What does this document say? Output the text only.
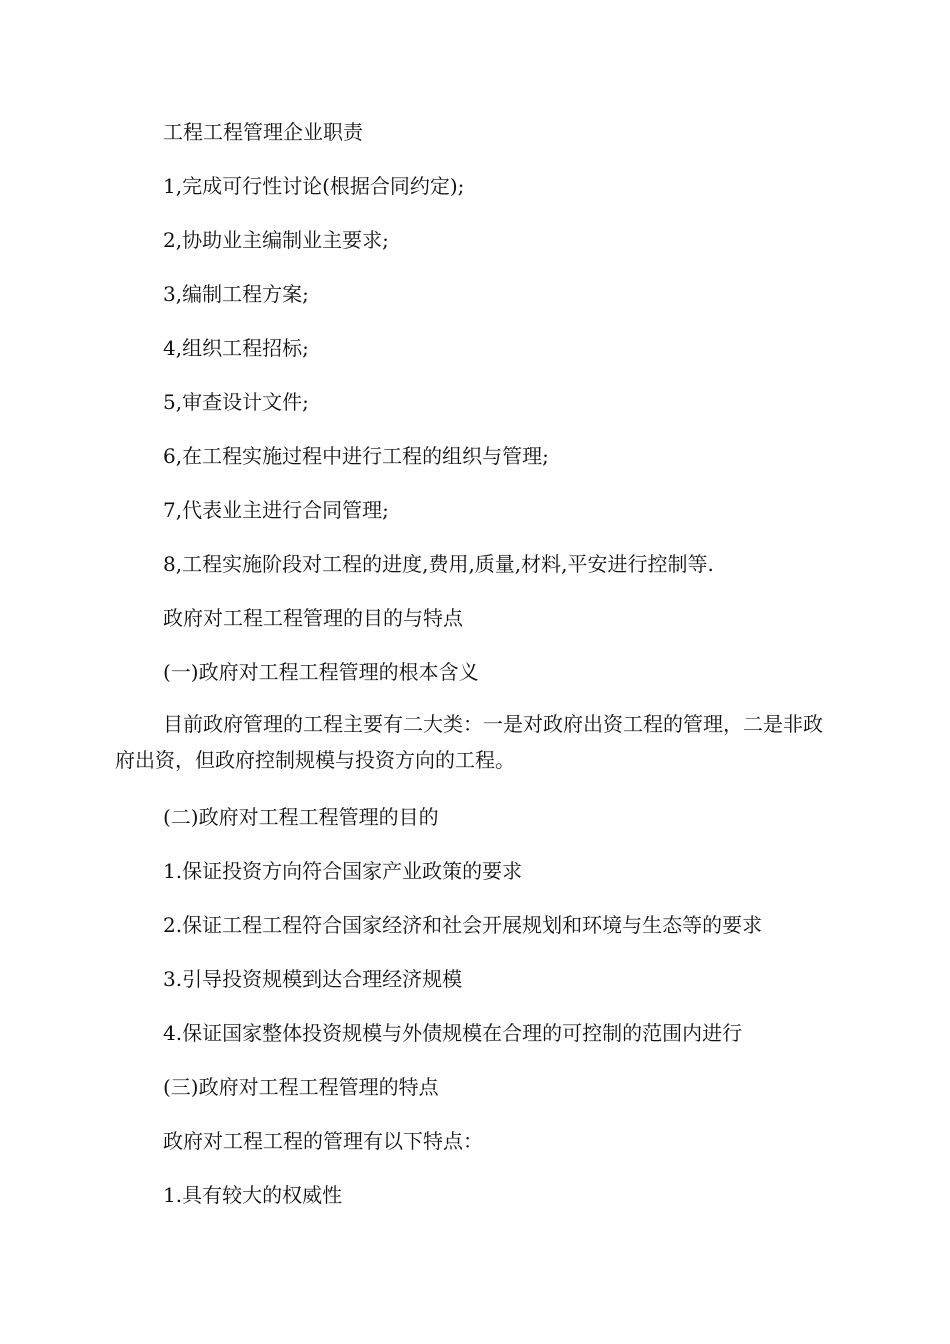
工程工程管理企业职责
1,完成可行性讨论(根据合同约定);
2,协助业主编制业主要求;
3,编制工程方案;
4,组织工程招标;
5,审查设计文件;
6,在工程实施过程中进行工程的组织与管理;
7,代表业主进行合同管理;
8,工程实施阶段对工程的进度,费用,质量,材料,平安进行控制等.
政府对工程工程管理的目的与特点
(一)政府对工程工程管理的根本含义
目前政府管理的工程主要有二大类：一是对政府出资工程的管理，二是非政府出资，但政府控制规模与投资方向的工程。
(二)政府对工程工程管理的目的
1.保证投资方向符合国家产业政策的要求
2.保证工程工程符合国家经济和社会开展规划和环境与生态等的要求
3.引导投资规模到达合理经济规模
4.保证国家整体投资规模与外债规模在合理的可控制的范围内进行
(三)政府对工程工程管理的特点
政府对工程工程的管理有以下特点：
1.具有较大的权威性
